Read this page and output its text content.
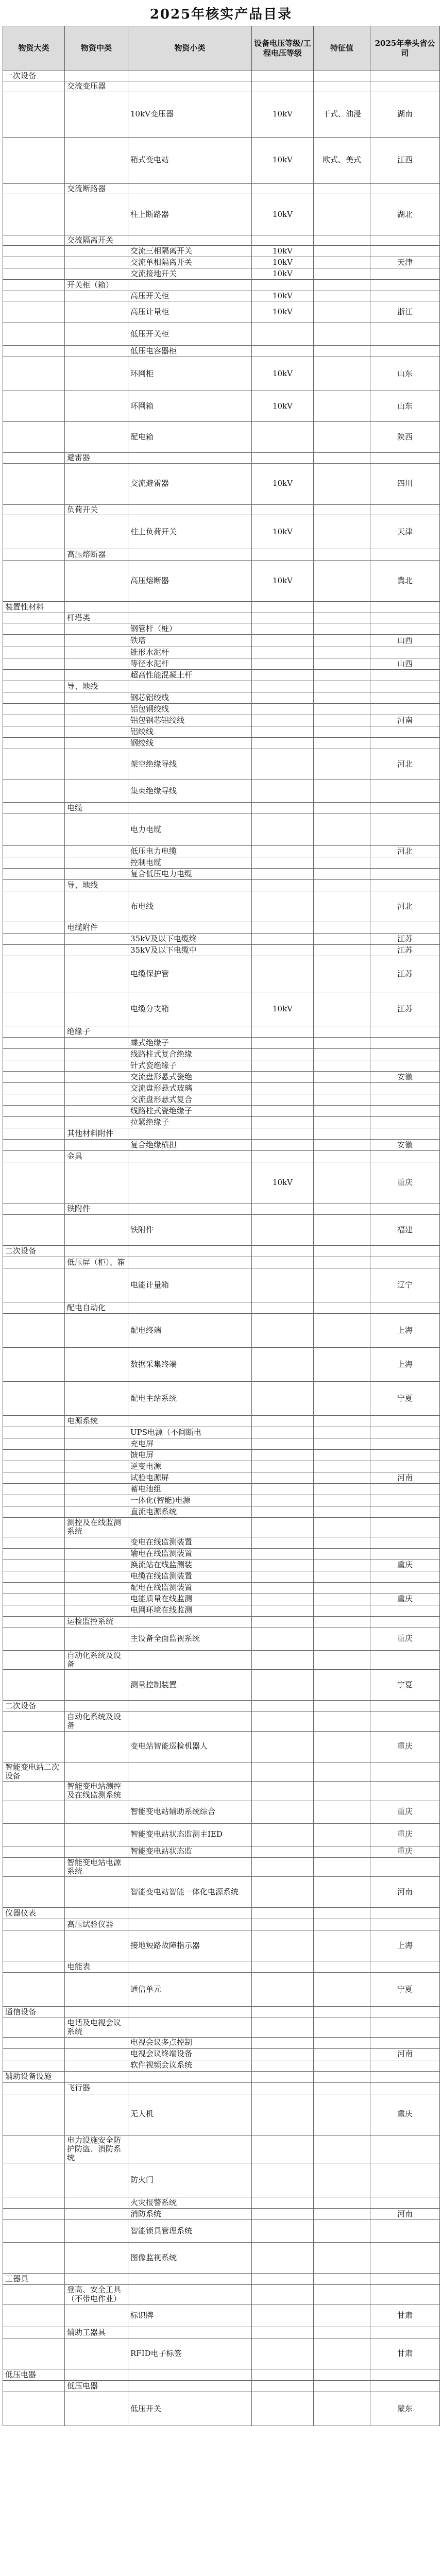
2025年核实产品目录
物资大类	物资中类	物资小类	设备电压等级/工程电压等级	特征值	2025年牵头省公司
一次设备					
	交流变压器				
		10kV变压器	10kV	干式、油浸	湖南
		箱式变电站	10kV	欧式、美式	江西
	交流断路器				
		柱上断路器	10kV		湖北
	交流隔离开关				
		交流三相隔离开关	10kV		
		交流单相隔离开关	10kV		天津
		交流接地开关	10kV		
	开关柜（箱）				
		高压开关柜	10kV		
		高压计量柜	10kV		浙江
		低压开关柜			
		低压电容器柜			
		环网柜	10kV		山东
		环网箱	10kV		山东
		配电箱			陕西
	避雷器				
		交流避雷器	10kV		四川
	负荷开关				
		柱上负荷开关	10kV		天津
	高压熔断器				
		高压熔断器	10kV		冀北
装置性材料					
	杆塔类				
		钢管杆（桩）			
		铁塔			山西
		锥形水泥杆			
		等径水泥杆			山西
		超高性能混凝土杆			
	导、地线				
		钢芯铝绞线			
		铝包钢绞线			
		铝包钢芯铝绞线			河南
		铝绞线			
		钢绞线			
		架空绝缘导线			河北
		集束绝缘导线			
	电缆				
		电力电缆			
		低压电力电缆			河北
		控制电缆			
		复合低压电力电缆			
	导、地线				
		布电线			河北
	电缆附件				
		35kV及以下电缆终			江苏
		35kV及以下电缆中			江苏
		电缆保护管			江苏
		电缆分支箱	10kV		江苏
	绝缘子				
		蝶式绝缘子			
		线路柱式复合绝缘			
		针式瓷绝缘子			
		交流盘形悬式瓷绝			安徽
		交流盘形悬式玻璃			
		交流盘形悬式复合			
		线路柱式瓷绝缘子			
		拉紧绝缘子			
	其他材料附件				
		复合绝缘横担			安徽
	金具				
			10kV		重庆
	铁附件				
		铁附件			福建
二次设备					
	低压屏（柜）、箱				
		电能计量箱			辽宁
	配电自动化				
		配电终端			上海
		数据采集终端			上海
		配电主站系统			宁夏
	电源系统				
		UPS电源（不间断电			
		充电屏			
		馈电屏			
		逆变电源			
		试验电源屏			河南
		蓄电池组			
		一体化(智能)电源			
		直流电源系统			
	测控及在线监测系统				
		变电在线监测装置			
		输电在线监测装置			
		换流站在线监测装			重庆
		电缆在线监测装置			
		配电在线监测装置			
		电能质量在线监测			重庆
		电网环境在线监测			
	运检监控系统				
		主设备全面监视系统			重庆
	自动化系统及设备				
		测量控制装置			宁夏
二次设备					
	自动化系统及设备				
		变电站智能巡检机器人			重庆
智能变电站二次设备					
	智能变电站测控及在线监测系统				
		智能变电站辅助系统综合			重庆
		智能变电站状态监测主IED			重庆
		智能变电站状态监			重庆
	智能变电站电源系统				
		智能变电站智能一体化电源系统			河南
仪器仪表					
	高压试验仪器				
		接地短路故障指示器			上海
	电能表				
		通信单元			宁夏
通信设备					
	电话及电视会议系统				
		电视会议多点控制			
		电视会议终端设备			河南
		软件视频会议系统			
辅助设备设施					
	飞行器				
		无人机			重庆
	电力设施安全防护防盗、消防系统				
		防火门			
		火灾报警系统			
		消防系统			河南
		智能锁具管理系统			
		图像监视系统			
工器具					
	登高、安全工具（不带电作业）				
		标识牌			甘肃
	辅助工器具				
		RFID电子标签			甘肃
低压电器					
	低压电器				
		低压开关			蒙东
